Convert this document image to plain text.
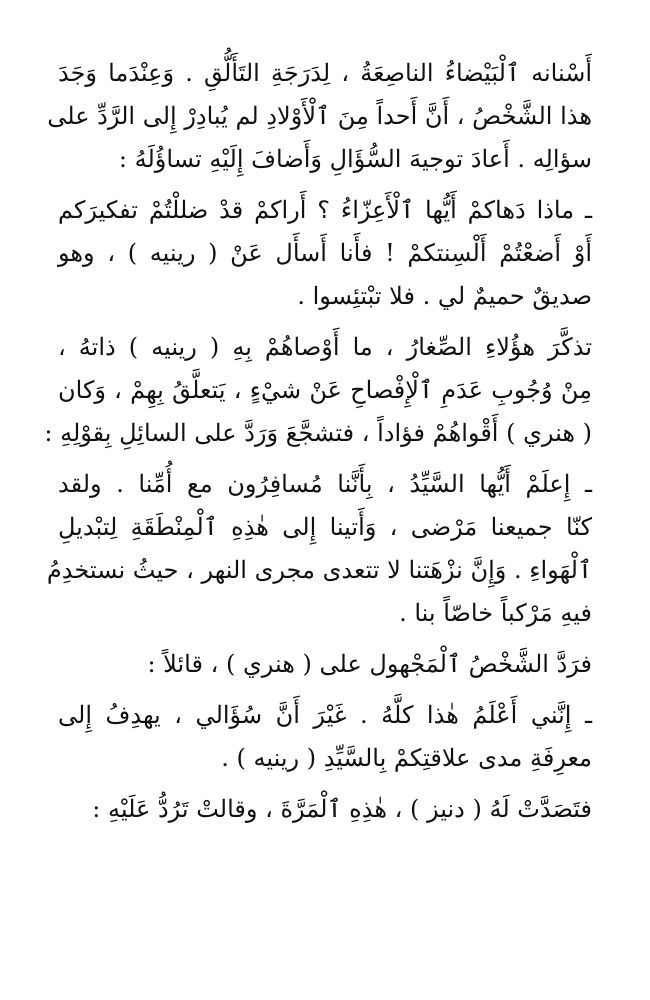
أَسْنانه ٱلْبَيْضاءُ الناصِعَةُ ، لِدَرَجَةِ التَأَلُّقِ . وَعِنْدَما وَجَدَ
هذا الشَّخْصُ ، أَنَّ أَحداً مِنَ ٱلْأَوْلادِ لم يُبادِرْ إِلى الرَّدِّ على
سؤالِه . أَعادَ توجيهَ السُّؤَالِ وَأَضافَ إِلَيْهِ تساؤُلَهُ :

ـ ماذا دَهاكمْ أَيُّها ٱلْأَعِزّاءُ ؟ أَراكمْ قدْ ضللْتُمْ تفكيرَكم
أَوْ أَضعْتُمْ أَلْسِنتكمْ ! فأَنا أَسأَل عَنْ ( رينيه ) ، وهو
صديقٌ حميمٌ لي . فلا تبْتئِسوا .

تذكَّرَ هؤُلاءِ الصِّغارُ ، ما أَوْصاهُمْ بِهِ ( رينيه ) ذاتهُ ،
مِنْ وُجُوبِ عَدَمِ ٱلْإِفْصاحِ عَنْ شيْءٍ ، يَتعلَّقُ بِهِمْ ، وَكان
( هنري ) أَقْواهُمْ فؤاداً ، فتشجَّعَ وَرَدَّ على السائِلِ بِقوْلِهِ :

ـ إِعلَمْ أَيُّها السَّيِّدُ ، بِأَنَّنا مُسافِرُون مع أُمِّنا . ولقد
كنّا جميعنا مَرْضى ، وَأَتينا إِلى هٰذِهِ ٱلْمِنْطَقَةِ لِتبْديلِ
ٱلْهَواءِ . وَإِنَّ نزْهَتنا لا تتعدى مجرى النهر ، حيثُ نستخدِمُ
فيهِ مَرْكباً خاصّاً بنا .

فرَدَّ الشَّخْصُ ٱلْمَجْهول على ( هنري ) ، قائلاً :

ـ إِنَّني أَعْلَمُ هٰذا كلَّهُ . غَيْرَ أَنَّ سُؤَالي ، يهدِفُ إِلى
معرِفَةِ مدى علاقتِكمْ بِالسَّيِّدِ ( رينيه ) .

فتَصَدَّتْ لَهُ ( دنيز ) ، هٰذِهِ ٱلْمَرَّةَ ، وقالتْ تَرُدُّ عَلَيْهِ :
